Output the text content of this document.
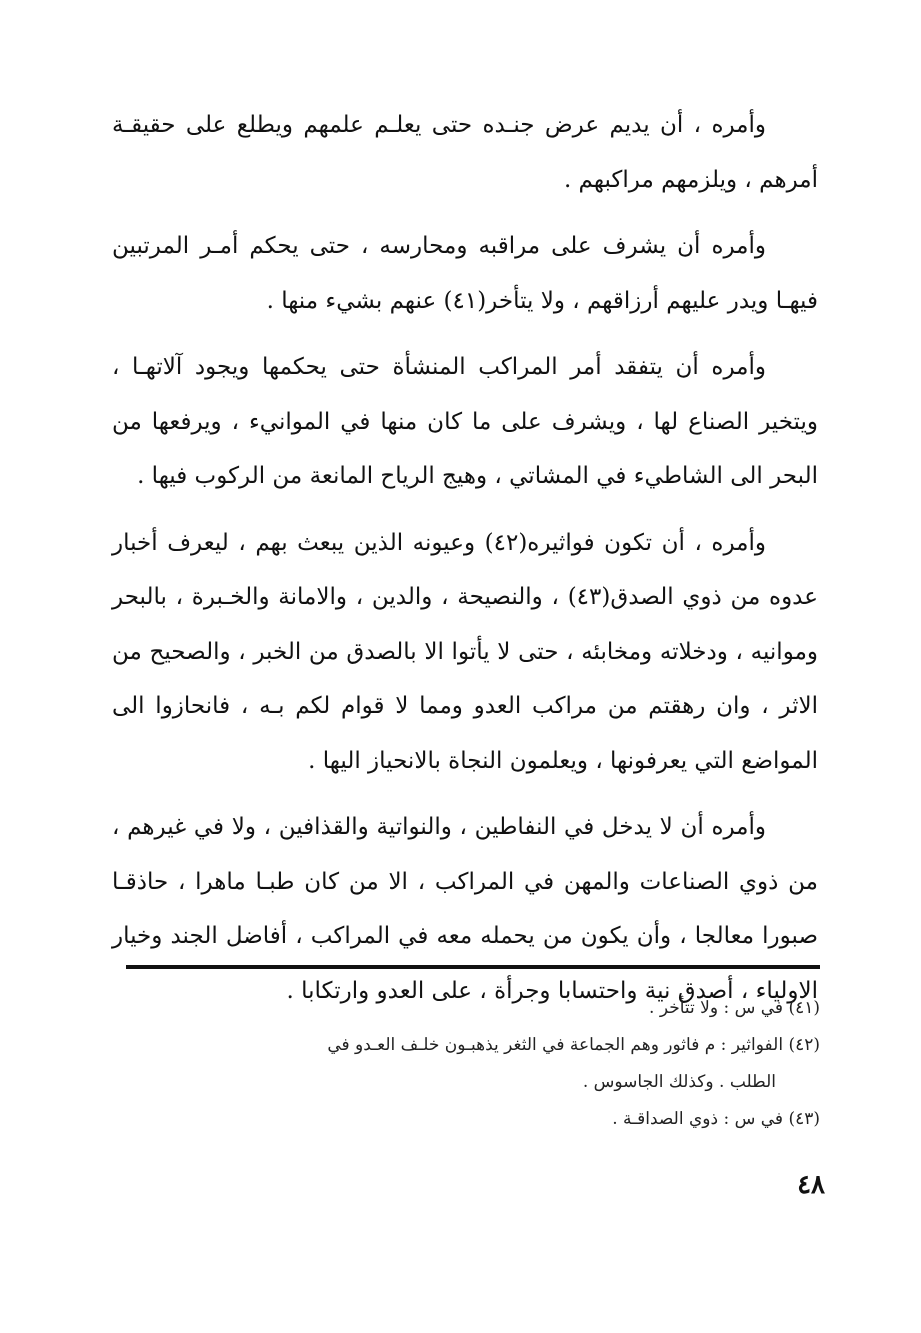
وأمره ، أن يديم عرض جنـده حتى يعلـم علمهم ويطلع على حقيقـة أمرهم ، ويلزمهم مراكبهم .

وأمره أن يشرف على مراقبه ومحارسه ، حتى يحكم أمـر المرتبين فيهـا ويدر عليهم أرزاقهم ، ولا يتأخر(٤١) عنهم بشيء منها .

وأمره أن يتفقد أمر المراكب المنشأة حتى يحكمها ويجود آلاتهـا ، ويتخير الصناع لها ، ويشرف على ما كان منها في الموانيء ، ويرفعها من البحر الى الشاطيء في المشاتي ، وهيج الرياح المانعة من الركوب فيها .

وأمره ، أن تكون فواثيره(٤٢) وعيونه الذين يبعث بهم ، ليعرف أخبار عدوه من ذوي الصدق(٤٣) ، والنصيحة ، والدين ، والامانة والخـبرة ، بالبحر وموانيه ، ودخلاته ومخابئه ، حتى لا يأتوا الا بالصدق من الخبر ، والصحيح من الاثر ، وان رهقتم من مراكب العدو ومما لا قوام لكم بـه ، فانحازوا الى المواضع التي يعرفونها ، ويعلمون النجاة بالانحياز اليها .

وأمره أن لا يدخل في النفاطين ، والنواتية والقذافين ، ولا في غيرهم ، من ذوي الصناعات والمهن في المراكب ، الا من كان طبـا ماهرا ، حاذقـا صبورا معالجا ، وأن يكون من يحمله معه في المراكب ، أفاضل الجند وخيار الاولياء ، أصدق نية واحتسابا وجرأة ، على العدو وارتكابا .

(٤١) في س : ولا تتأخر .

(٤٢) الفواثير : م فاثور وهم الجماعة في الثغر يذهبـون خلـف العـدو في

الطلب . وكذلك الجاسوس .

(٤٣) في س : ذوي الصداقـة .

٤٨
